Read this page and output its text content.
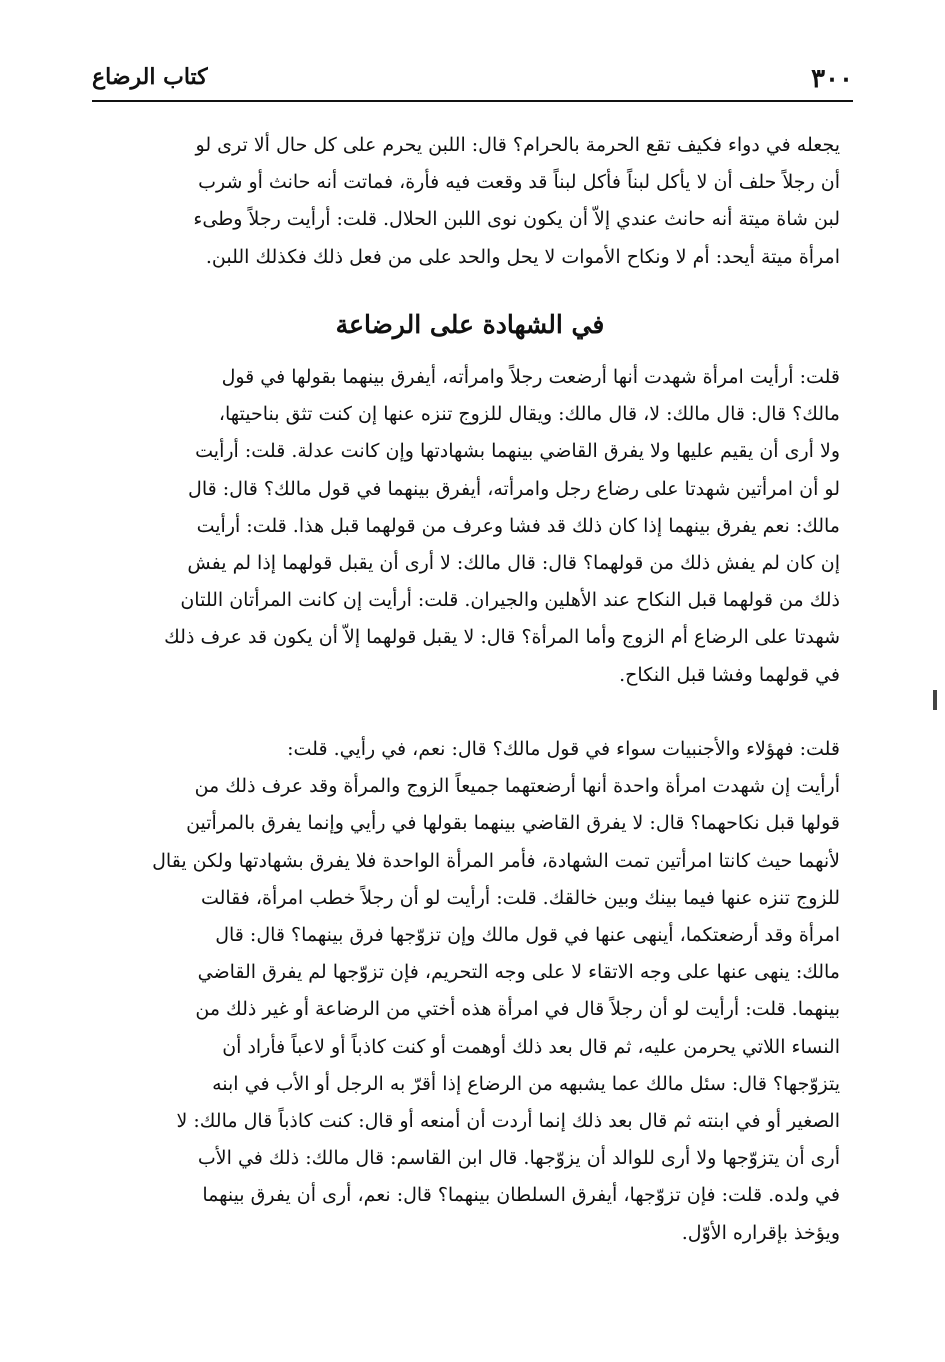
٣٠٠
كتاب الرضاع
يجعله في دواء فكيف تقع الحرمة بالحرام؟ قال: اللبن يحرم على كل حال ألا ترى لو
أن رجلاً حلف أن لا يأكل لبناً فأكل لبناً قد وقعت فيه فأرة، فماتت أنه حانث أو شرب
لبن شاة ميتة أنه حانث عندي إلاّ أن يكون نوى اللبن الحلال. قلت: أرأيت رجلاً وطىء
امرأة ميتة أيحد: أم لا ونكاح الأموات لا يحل والحد على من فعل ذلك فكذلك اللبن.
في الشهادة على الرضاعة
قلت: أرأيت امرأة شهدت أنها أرضعت رجلاً وامرأته، أيفرق بينهما بقولها في قول
مالك؟ قال: قال مالك: لا، قال مالك: ويقال للزوج تنزه عنها إن كنت تثق بناحيتها،
ولا أرى أن يقيم عليها ولا يفرق القاضي بينهما بشهادتها وإن كانت عدلة. قلت: أرأيت
لو أن امرأتين شهدتا على رضاع رجل وامرأته، أيفرق بينهما في قول مالك؟ قال: قال
مالك: نعم يفرق بينهما إذا كان ذلك قد فشا وعرف من قولهما قبل هذا. قلت: أرأيت
إن كان لم يفش ذلك من قولهما؟ قال: قال مالك: لا أرى أن يقبل قولهما إذا لم يفش
ذلك من قولهما قبل النكاح عند الأهلين والجيران. قلت: أرأيت إن كانت المرأتان اللتان
شهدتا على الرضاع أم الزوج وأما المرأة؟ قال: لا يقبل قولهما إلاّ أن يكون قد عرف ذلك
في قولهما وفشا قبل النكاح.
قلت: فهؤلاء والأجنبيات سواء في قول مالك؟ قال: نعم، في رأيي. قلت:
أرأيت إن شهدت امرأة واحدة أنها أرضعتهما جميعاً الزوج والمرأة وقد عرف ذلك من
قولها قبل نكاحهما؟ قال: لا يفرق القاضي بينهما بقولها في رأيي وإنما يفرق بالمرأتين
لأنهما حيث كانتا امرأتين تمت الشهادة، فأمر المرأة الواحدة فلا يفرق بشهادتها ولكن يقال
للزوج تنزه عنها فيما بينك وبين خالقك. قلت: أرأيت لو أن رجلاً خطب امرأة، فقالت
امرأة وقد أرضعتكما، أينهى عنها في قول مالك وإن تزوّجها فرق بينهما؟ قال: قال
مالك: ينهى عنها على وجه الاتقاء لا على وجه التحريم، فإن تزوّجها لم يفرق القاضي
بينهما. قلت: أرأيت لو أن رجلاً قال في امرأة هذه أختي من الرضاعة أو غير ذلك من
النساء اللاتي يحرمن عليه، ثم قال بعد ذلك أوهمت أو كنت كاذباً أو لاعباً فأراد أن
يتزوّجها؟ قال: سئل مالك عما يشبهه من الرضاع إذا أقرّ به الرجل أو الأب في ابنه
الصغير أو في ابنته ثم قال بعد ذلك إنما أردت أن أمنعه أو قال: كنت كاذباً قال مالك: لا
أرى أن يتزوّجها ولا أرى للوالد أن يزوّجها. قال ابن القاسم: قال مالك: ذلك في الأب
في ولده. قلت: فإن تزوّجها، أيفرق السلطان بينهما؟ قال: نعم، أرى أن يفرق بينهما
ويؤخذ بإقراره الأوّل.
